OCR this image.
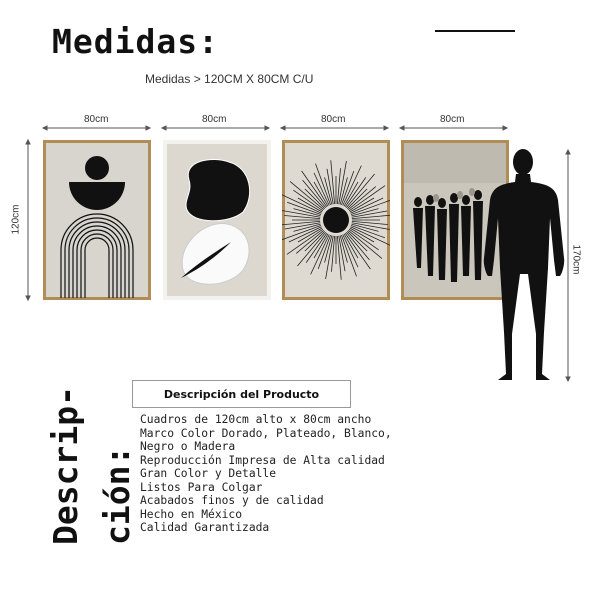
Medidas:
Medidas > 120CM X 80CM C/U
80cm	80cm	80cm	80cm
120cm
170cm
Descrip- ción:
Descripción del Producto
Cuadros de 120cm alto x 80cm ancho
Marco Color Dorado, Plateado, Blanco,
Negro o Madera
Reproducción Impresa de Alta calidad
Gran Color y Detalle
Listos Para Colgar
Acabados finos y de calidad
Hecho en México
Calidad Garantizada
